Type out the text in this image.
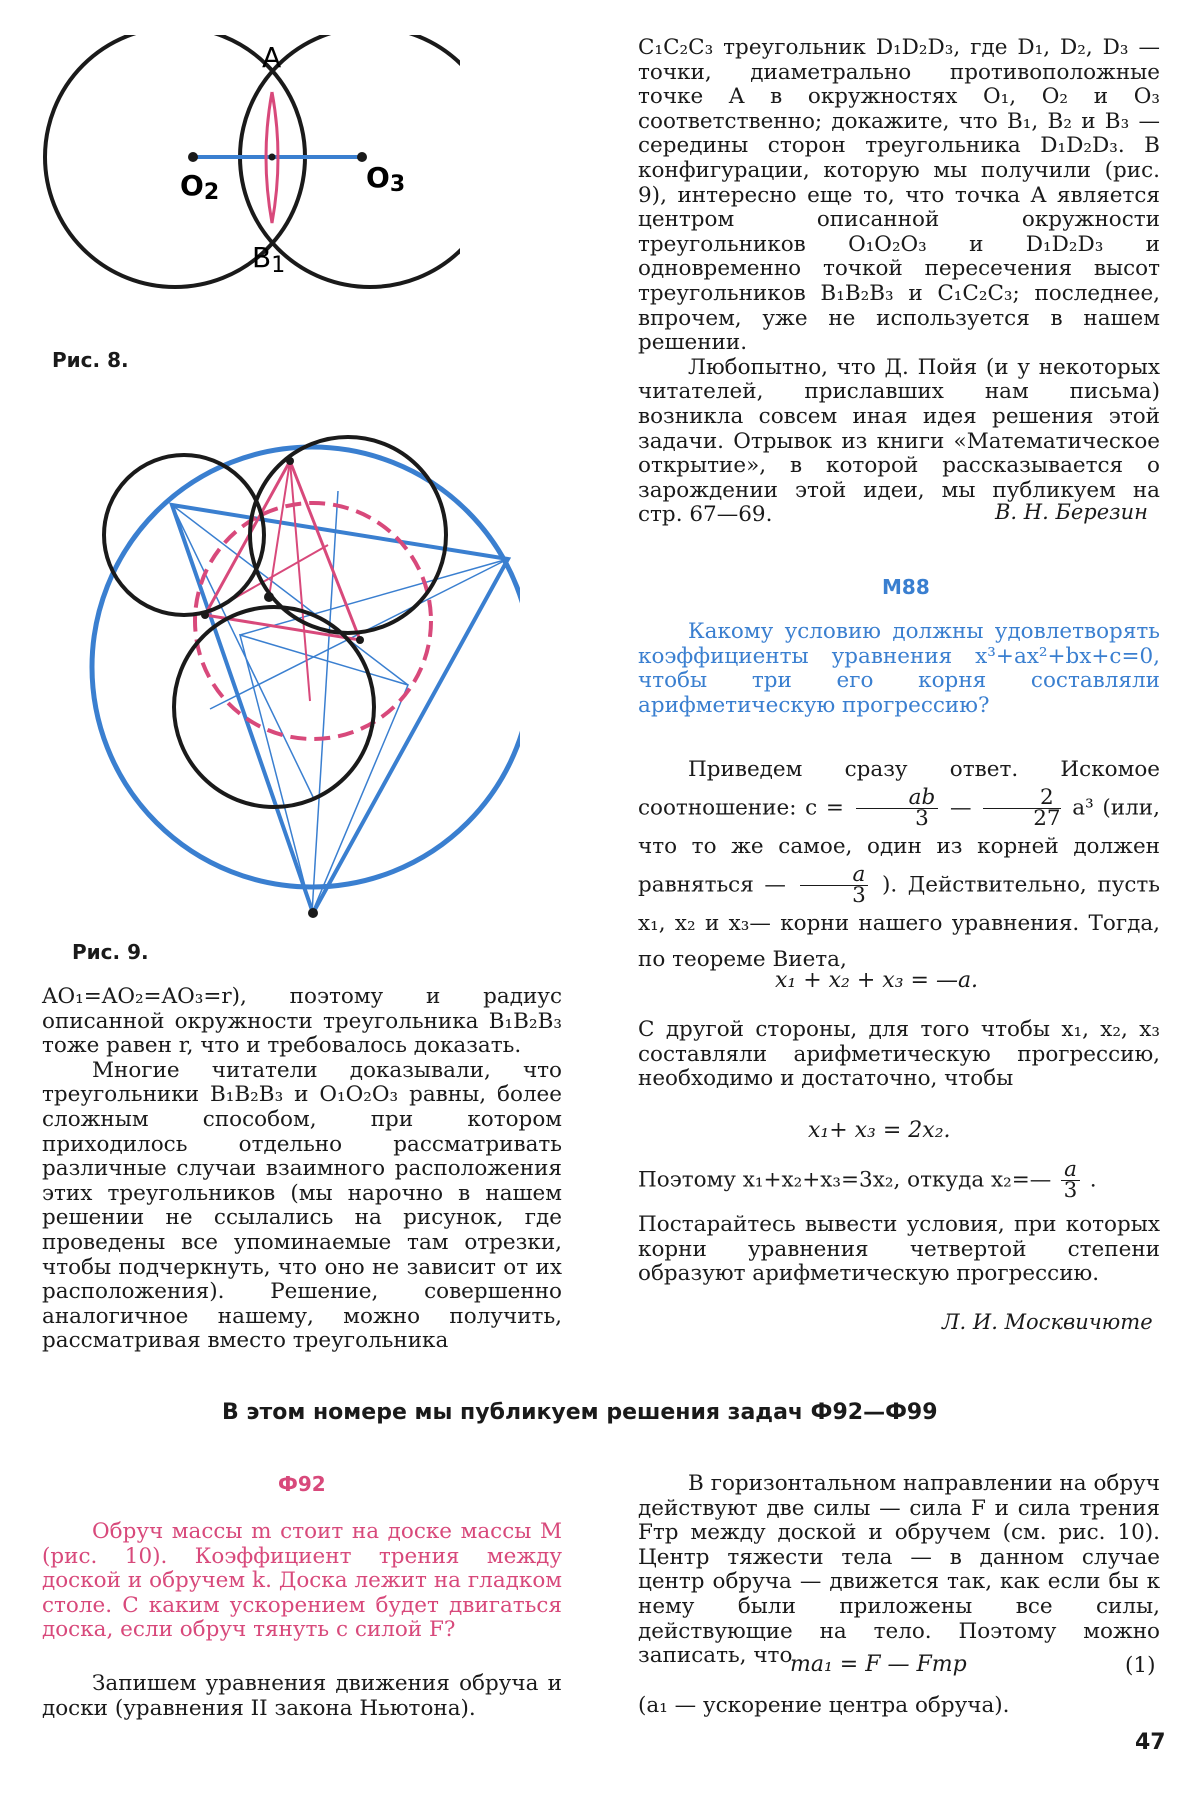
A
O2	O3
B1
Рис. 8.
Рис. 9.

AO₁=AO₂=AO₃=r), поэтому и радиус описанной окружности треугольника B₁B₂B₃ тоже равен r, что и требовалось доказать.

Многие читатели доказывали, что треугольники B₁B₂B₃ и O₁O₂O₃ равны, более сложным способом, при котором приходилось отдельно рассматривать различные случаи взаимного расположения этих треугольников (мы нарочно в нашем решении не ссылались на рисунок, где проведены все упоминаемые там отрезки, чтобы подчеркнуть, что оно не зависит от их расположения). Решение, совершенно аналогичное нашему, можно получить, рассматривая вместо треугольника

C₁C₂C₃ треугольник D₁D₂D₃, где D₁, D₂, D₃ — точки, диаметрально противоположные точке A в окружностях O₁, O₂ и O₃ соответственно; докажите, что B₁, B₂ и B₃ — середины сторон треугольника D₁D₂D₃. В конфигурации, которую мы получили (рис. 9), интересно еще то, что точка A является центром описанной окружности треугольников O₁O₂O₃ и D₁D₂D₃ и одновременно точкой пересечения высот треугольников B₁B₂B₃ и C₁C₂C₃; последнее, впрочем, уже не используется в нашем решении.

Любопытно, что Д. Пойя (и у некоторых читателей, приславших нам письма) возникла совсем иная идея решения этой задачи. Отрывок из книги «Математическое открытие», в которой рассказывается о зарождении этой идеи, мы публикуем на стр. 67—69.	В. Н. Березин
М88
Какому условию должны удовлетворять коэффициенты уравнения x³+ax²+bx+c=0, чтобы три его корня составляли арифметическую прогрессию?

Приведем сразу ответ. Искомое соотношение: $c = \frac{ab}{3}$ — $\frac{2}{27} a^3$ (или, что то же самое, один из корней должен равняться — $\frac{a}{3}$ ). Действительно, пусть x₁, x₂ и x₃— корни нашего уравнения. Тогда, по теореме Виета,

x₁ + x₂ + x₃ = —a.
С другой стороны, для того чтобы x₁, x₂, x₃ составляли арифметическую прогрессию, необходимо и достаточно, чтобы
x₁+ x₃ = 2x₂.
Поэтому x₁+x₂+x₃=3x₂, откуда x₂=— $\frac{a}{3}$ .
Постарайтесь вывести условия, при которых корни уравнения четвертой степени образуют арифметическую прогрессию.
Л. И. Москвичюте
В этом номере мы публикуем решения задач Ф92—Ф99
Ф92
Обруч массы m стоит на доске массы M (рис. 10). Коэффициент трения между доской и обручем k. Доска лежит на гладком столе. С каким ускорением будет двигаться доска, если обруч тянуть с силой F?
Запишем уравнения движения обруча и доски (уравнения II закона Ньютона).
В горизонтальном направлении на обруч действуют две силы — сила F и сила трения Fтр между доской и обручем (см. рис. 10). Центр тяжести тела — в данном случае центр обруча — движется так, как если бы к нему были приложены все силы, действующие на тело. Поэтому можно записать, что
ma₁ = F — Fтр	(1)
(a₁ — ускорение центра обруча).
47
